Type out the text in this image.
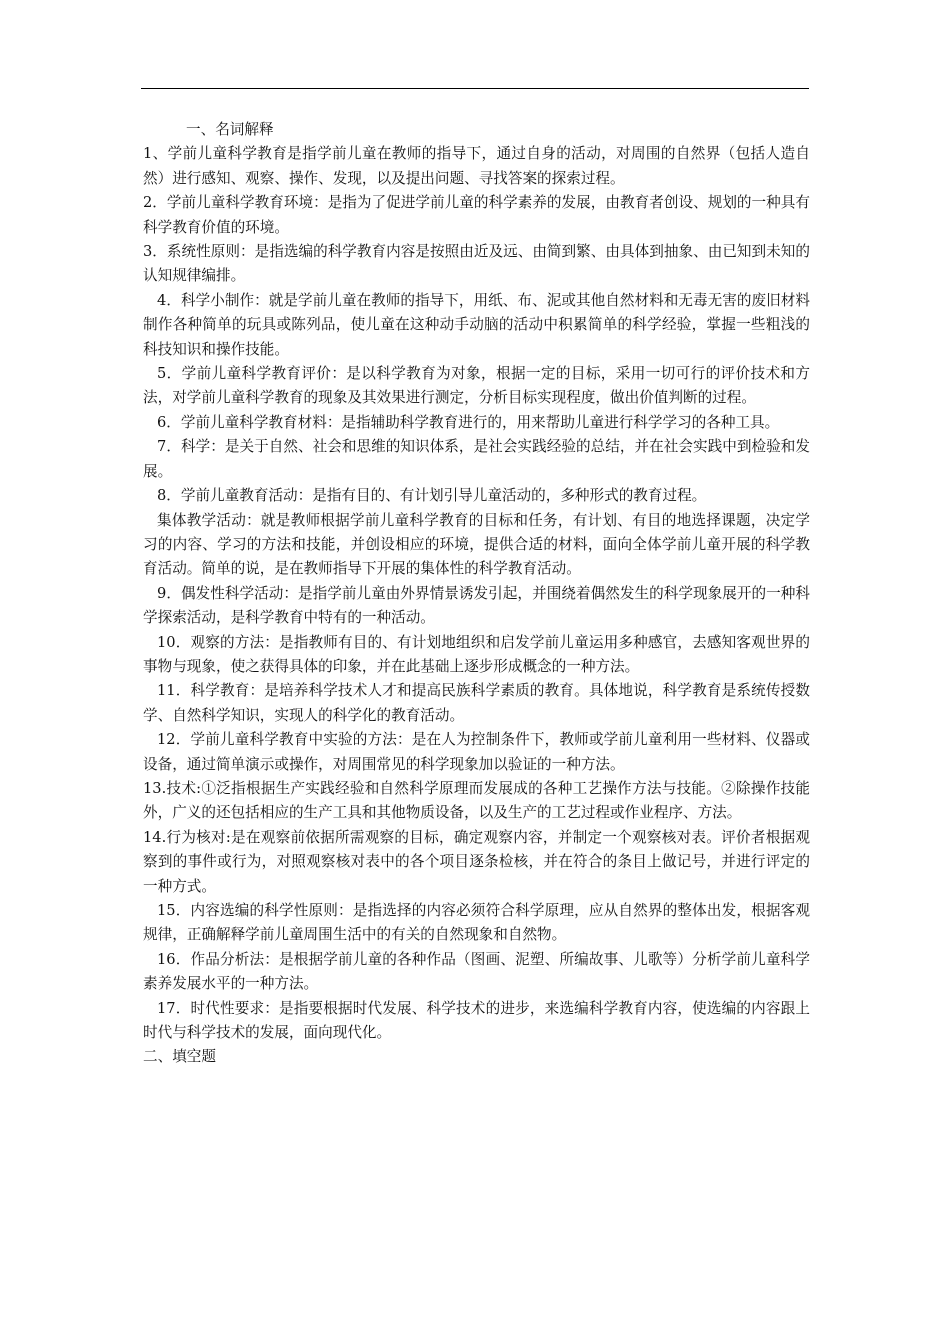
一、名词解释

1、学前儿童科学教育是指学前儿童在教师的指导下，通过自身的活动，对周围的自然界（包括人造自然）进行感知、观察、操作、发现，以及提出问题、寻找答案的探索过程。

2．学前儿童科学教育环境：是指为了促进学前儿童的科学素养的发展，由教育者创设、规划的一种具有科学教育价值的环境。

3．系统性原则：是指选编的科学教育内容是按照由近及远、由简到繁、由具体到抽象、由已知到未知的认知规律编排。

4．科学小制作：就是学前儿童在教师的指导下，用纸、布、泥或其他自然材料和无毒无害的废旧材料制作各种简单的玩具或陈列品，使儿童在这种动手动脑的活动中积累简单的科学经验，掌握一些粗浅的科技知识和操作技能。

5．学前儿童科学教育评价：是以科学教育为对象，根据一定的目标，采用一切可行的评价技术和方法，对学前儿童科学教育的现象及其效果进行测定，分析目标实现程度，做出价值判断的过程。

6．学前儿童科学教育材料：是指辅助科学教育进行的，用来帮助儿童进行科学学习的各种工具。

7．科学：是关于自然、社会和思维的知识体系，是社会实践经验的总结，并在社会实践中到检验和发展。

8．学前儿童教育活动：是指有目的、有计划引导儿童活动的，多种形式的教育过程。

集体教学活动：就是教师根据学前儿童科学教育的目标和任务，有计划、有目的地选择课题，决定学习的内容、学习的方法和技能，并创设相应的环境，提供合适的材料，面向全体学前儿童开展的科学教育活动。简单的说，是在教师指导下开展的集体性的科学教育活动。

9．偶发性科学活动：是指学前儿童由外界情景诱发引起，并围绕着偶然发生的科学现象展开的一种科学探索活动，是科学教育中特有的一种活动。

10．观察的方法：是指教师有目的、有计划地组织和启发学前儿童运用多种感官，去感知客观世界的事物与现象，使之获得具体的印象，并在此基础上逐步形成概念的一种方法。

11．科学教育：是培养科学技术人才和提高民族科学素质的教育。具体地说，科学教育是系统传授数学、自然科学知识，实现人的科学化的教育活动。

12．学前儿童科学教育中实验的方法：是在人为控制条件下，教师或学前儿童利用一些材料、仪器或设备，通过简单演示或操作，对周围常见的科学现象加以验证的一种方法。

13.技术:①泛指根据生产实践经验和自然科学原理而发展成的各种工艺操作方法与技能。②除操作技能外，广义的还包括相应的生产工具和其他物质设备，以及生产的工艺过程或作业程序、方法。

14.行为核对:是在观察前依据所需观察的目标，确定观察内容，并制定一个观察核对表。评价者根据观察到的事件或行为，对照观察核对表中的各个项目逐条检核，并在符合的条目上做记号，并进行评定的一种方式。

15．内容选编的科学性原则：是指选择的内容必须符合科学原理，应从自然界的整体出发，根据客观规律，正确解释学前儿童周围生活中的有关的自然现象和自然物。

16．作品分析法：是根据学前儿童的各种作品（图画、泥塑、所编故事、儿歌等）分析学前儿童科学素养发展水平的一种方法。

17．时代性要求：是指要根据时代发展、科学技术的进步，来选编科学教育内容，使选编的内容跟上时代与科学技术的发展，面向现代化。

二、填空题
